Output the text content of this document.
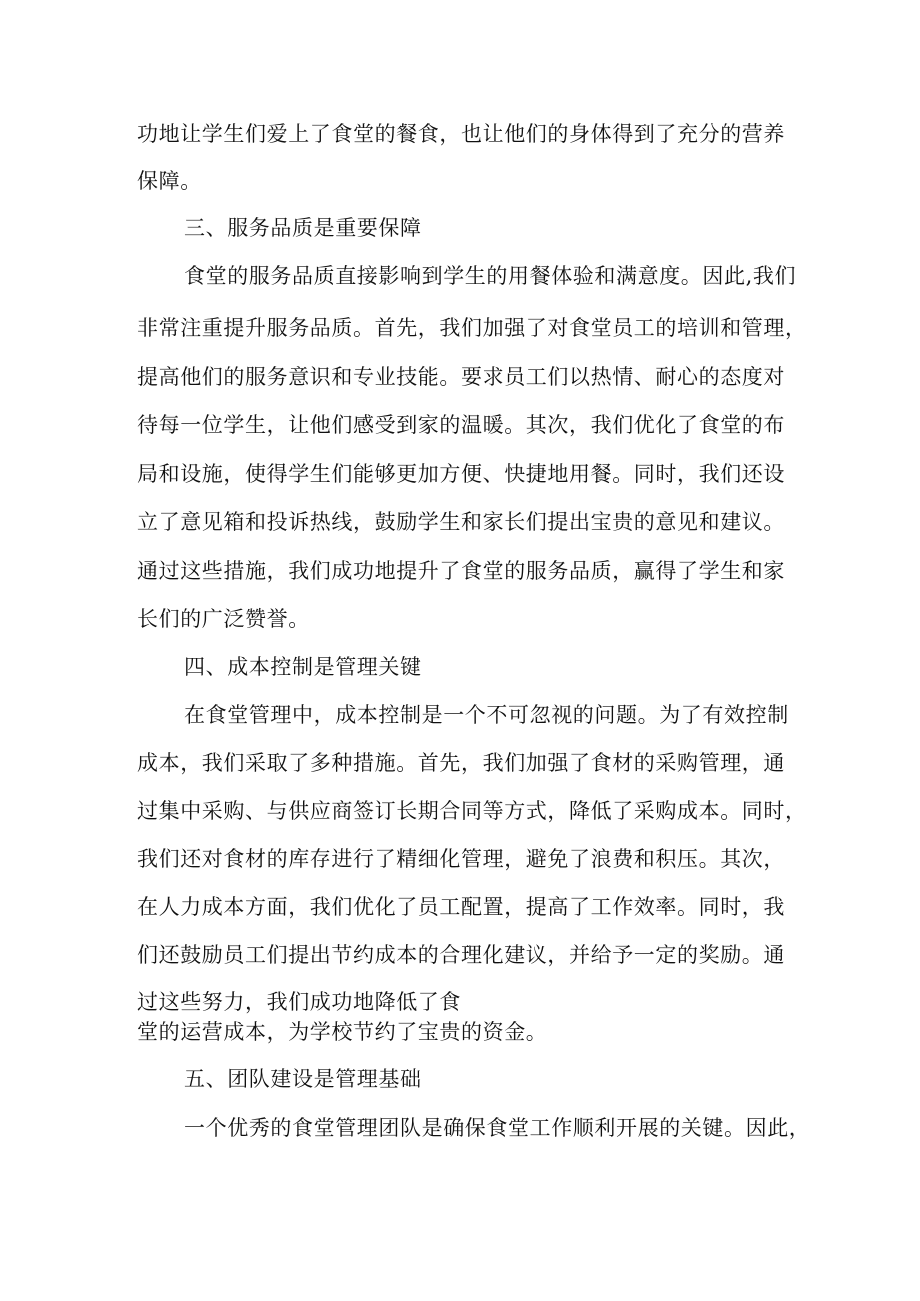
功地让学生们爱上了食堂的餐食，也让他们的身体得到了充分的营养
保障。
三、服务品质是重要保障
食堂的服务品质直接影响到学生的用餐体验和满意度。因此,我们
非常注重提升服务品质。首先，我们加强了对食堂员工的培训和管理，
提高他们的服务意识和专业技能。要求员工们以热情、耐心的态度对
待每一位学生，让他们感受到家的温暖。其次，我们优化了食堂的布
局和设施，使得学生们能够更加方便、快捷地用餐。同时，我们还设
立了意见箱和投诉热线，鼓励学生和家长们提出宝贵的意见和建议。
通过这些措施，我们成功地提升了食堂的服务品质，赢得了学生和家
长们的广泛赞誉。
四、成本控制是管理关键
在食堂管理中，成本控制是一个不可忽视的问题。为了有效控制
成本，我们采取了多种措施。首先，我们加强了食材的采购管理，通
过集中采购、与供应商签订长期合同等方式，降低了采购成本。同时，
我们还对食材的库存进行了精细化管理，避免了浪费和积压。其次，
在人力成本方面，我们优化了员工配置，提高了工作效率。同时，我
们还鼓励员工们提出节约成本的合理化建议，并给予一定的奖励。通
过这些努力，我们成功地降低了食
堂的运营成本，为学校节约了宝贵的资金。
五、团队建设是管理基础
一个优秀的食堂管理团队是确保食堂工作顺利开展的关键。因此，
